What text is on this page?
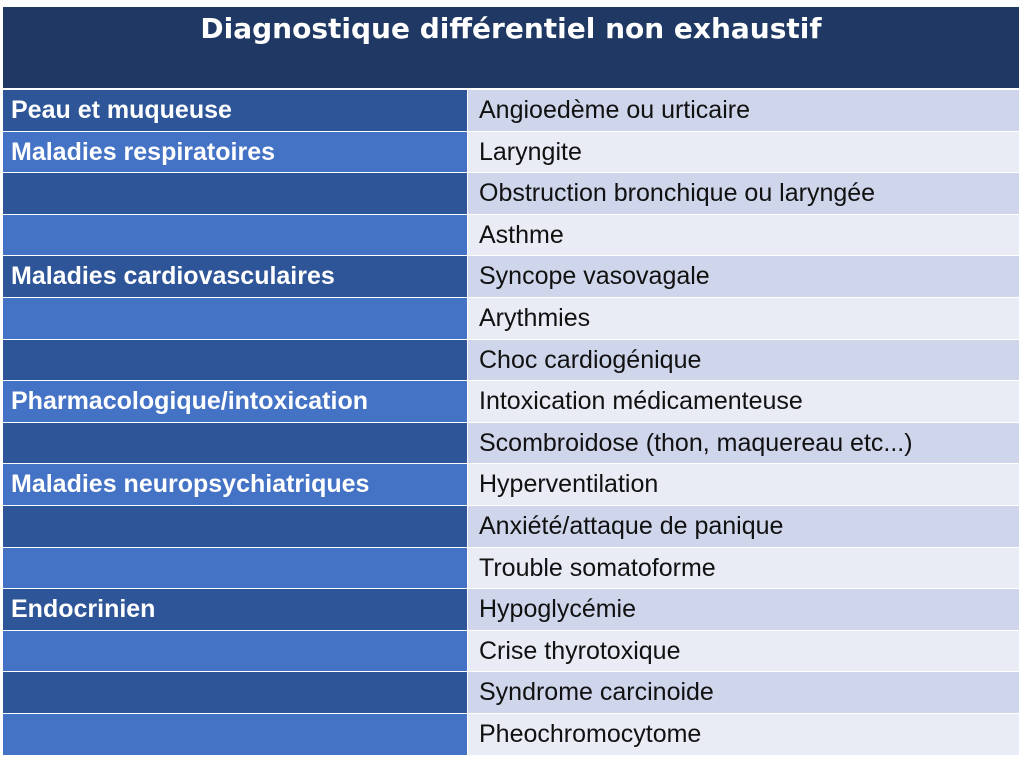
Diagnostique différentiel non exhaustif
Peau et muqueuse	Angioedème ou urticaire
Maladies respiratoires	Laryngite
Obstruction bronchique ou laryngée
Asthme
Maladies cardiovasculaires	Syncope vasovagale
Arythmies
Choc cardiogénique
Pharmacologique/intoxication	Intoxication médicamenteuse
Scombroidose (thon, maquereau etc...)
Maladies neuropsychiatriques	Hyperventilation
Anxiété/attaque de panique
Trouble somatoforme
Endocrinien	Hypoglycémie
Crise thyrotoxique
Syndrome carcinoide
Pheochromocytome
